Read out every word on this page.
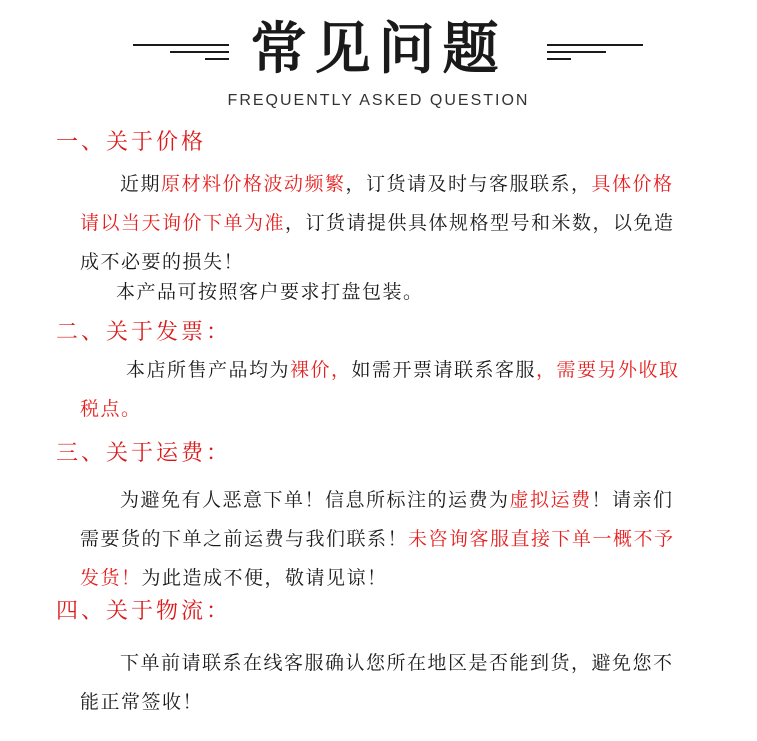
常见问题
FREQUENTLY ASKED QUESTION
一、关于价格
近期原材料价格波动频繁，订货请及时与客服联系，具体价格请以当天询价下单为准，订货请提供具体规格型号和米数，以免造成不必要的损失！
本产品可按照客户要求打盘包装。
二、关于发票：
本店所售产品均为裸价，如需开票请联系客服，需要另外收取税点。
三、关于运费：
为避免有人恶意下单！信息所标注的运费为虚拟运费！请亲们需要货的下单之前运费与我们联系！未咨询客服直接下单一概不予发货！为此造成不便，敬请见谅！
四、关于物流：
下单前请联系在线客服确认您所在地区是否能到货，避免您不能正常签收！
